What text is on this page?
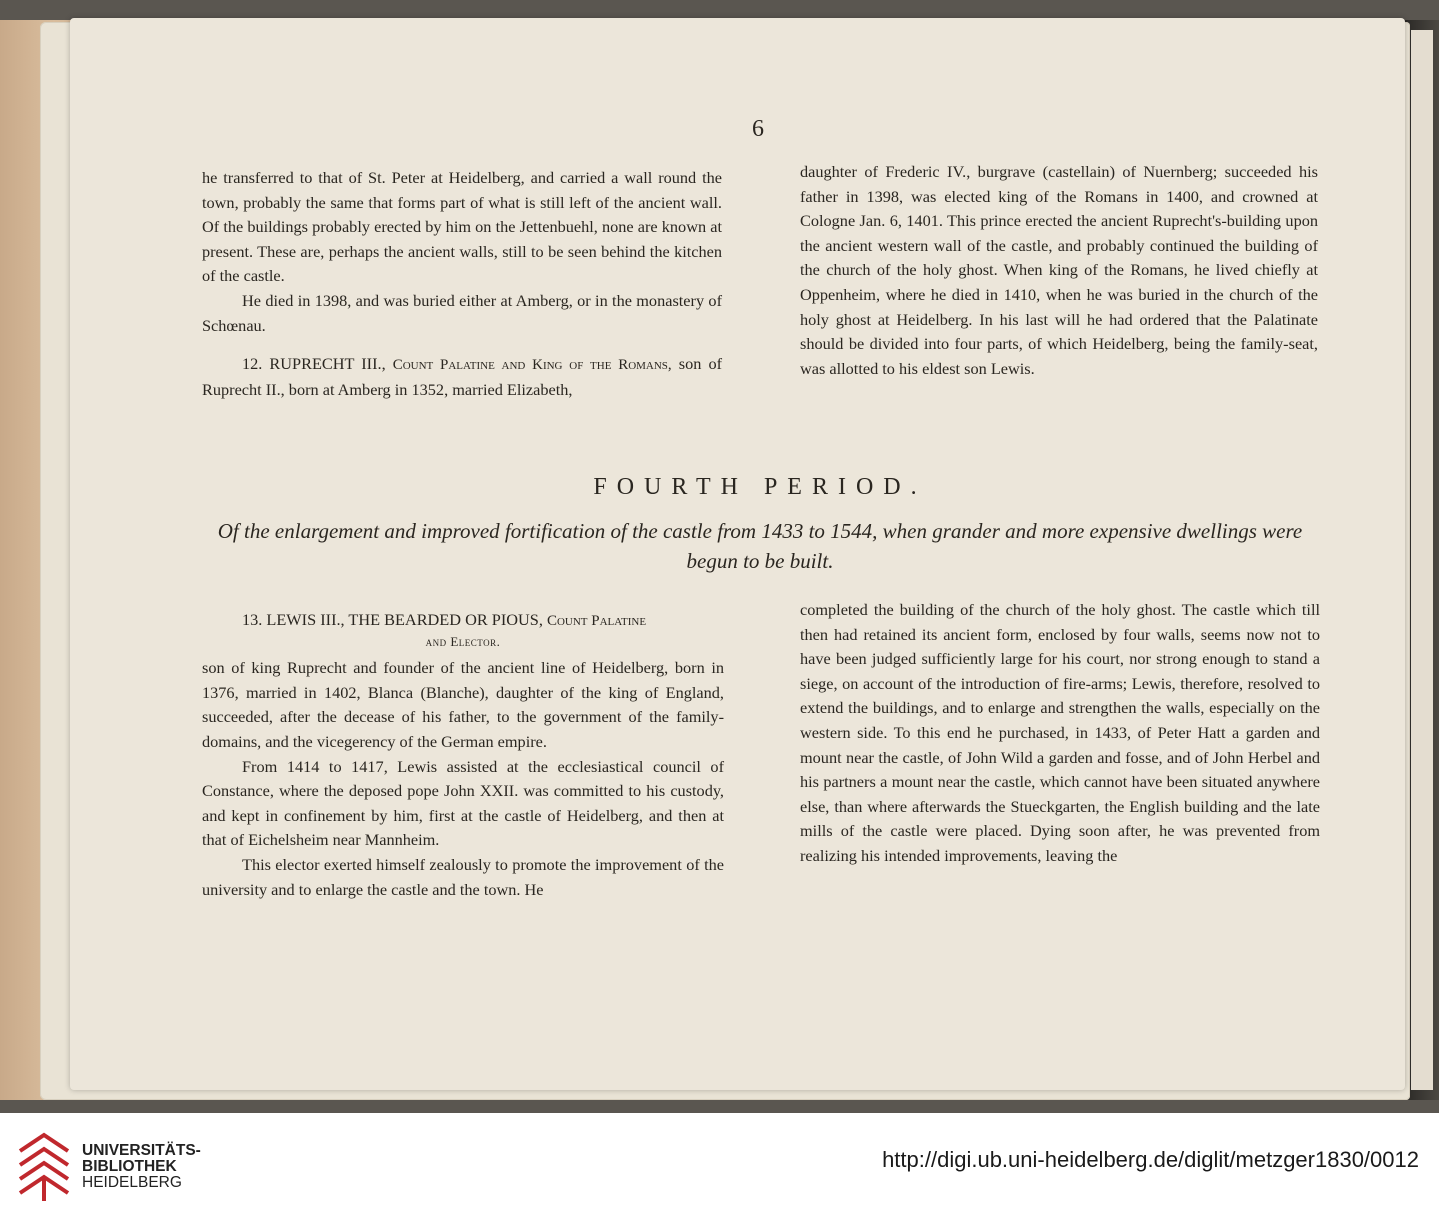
6

he transferred to that of St. Peter at Heidelberg, and carried a wall round the town, probably the same that forms part of what is still left of the ancient wall. Of the buildings probably erected by him on the Jettenbuehl, none are known at present. These are, perhaps the ancient walls, still to be seen behind the kitchen of the castle.

He died in 1398, and was buried either at Amberg, or in the monastery of Schœnau.

12. RUPRECHT III., Count Palatine and King of the Romans, son of Ruprecht II., born at Amberg in 1352, married Elizabeth,

daughter of Frederic IV., burgrave (castellain) of Nuernberg; succeeded his father in 1398, was elected king of the Romans in 1400, and crowned at Cologne Jan. 6, 1401. This prince erected the ancient Ruprecht's-building upon the ancient western wall of the castle, and probably continued the building of the church of the holy ghost. When king of the Romans, he lived chiefly at Oppenheim, where he died in 1410, when he was buried in the church of the holy ghost at Heidelberg. In his last will he had ordered that the Palatinate should be divided into four parts, of which Heidelberg, being the family-seat, was allotted to his eldest son Lewis.

FOURTH PERIOD.
Of the enlargement and improved fortification of the castle from 1433 to 1544, when grander and more expensive dwellings were begun to be built.

13. LEWIS III., THE BEARDED OR PIOUS, Count Palatine

and Elector.

son of king Ruprecht and founder of the ancient line of Heidelberg, born in 1376, married in 1402, Blanca (Blanche), daughter of the king of England, succeeded, after the decease of his father, to the government of the family-domains, and the vicegerency of the German empire.

From 1414 to 1417, Lewis assisted at the ecclesiastical council of Constance, where the deposed pope John XXII. was committed to his custody, and kept in confinement by him, first at the castle of Heidelberg, and then at that of Eichelsheim near Mannheim.

This elector exerted himself zealously to promote the improvement of the university and to enlarge the castle and the town. He

completed the building of the church of the holy ghost. The castle which till then had retained its ancient form, enclosed by four walls, seems now not to have been judged sufficiently large for his court, nor strong enough to stand a siege, on account of the introduction of fire-arms; Lewis, therefore, resolved to extend the buildings, and to enlarge and strengthen the walls, especially on the western side. To this end he purchased, in 1433, of Peter Hatt a garden and mount near the castle, of John Wild a garden and fosse, and of John Herbel and his partners a mount near the castle, which cannot have been situated anywhere else, than where afterwards the Stueckgarten, the English building and the late mills of the castle were placed. Dying soon after, he was prevented from realizing his intended improvements, leaving the

UNIVERSITÄTS-
BIBLIOTHEK
HEIDELBERG
http://digi.ub.uni-heidelberg.de/diglit/metzger1830/0012
